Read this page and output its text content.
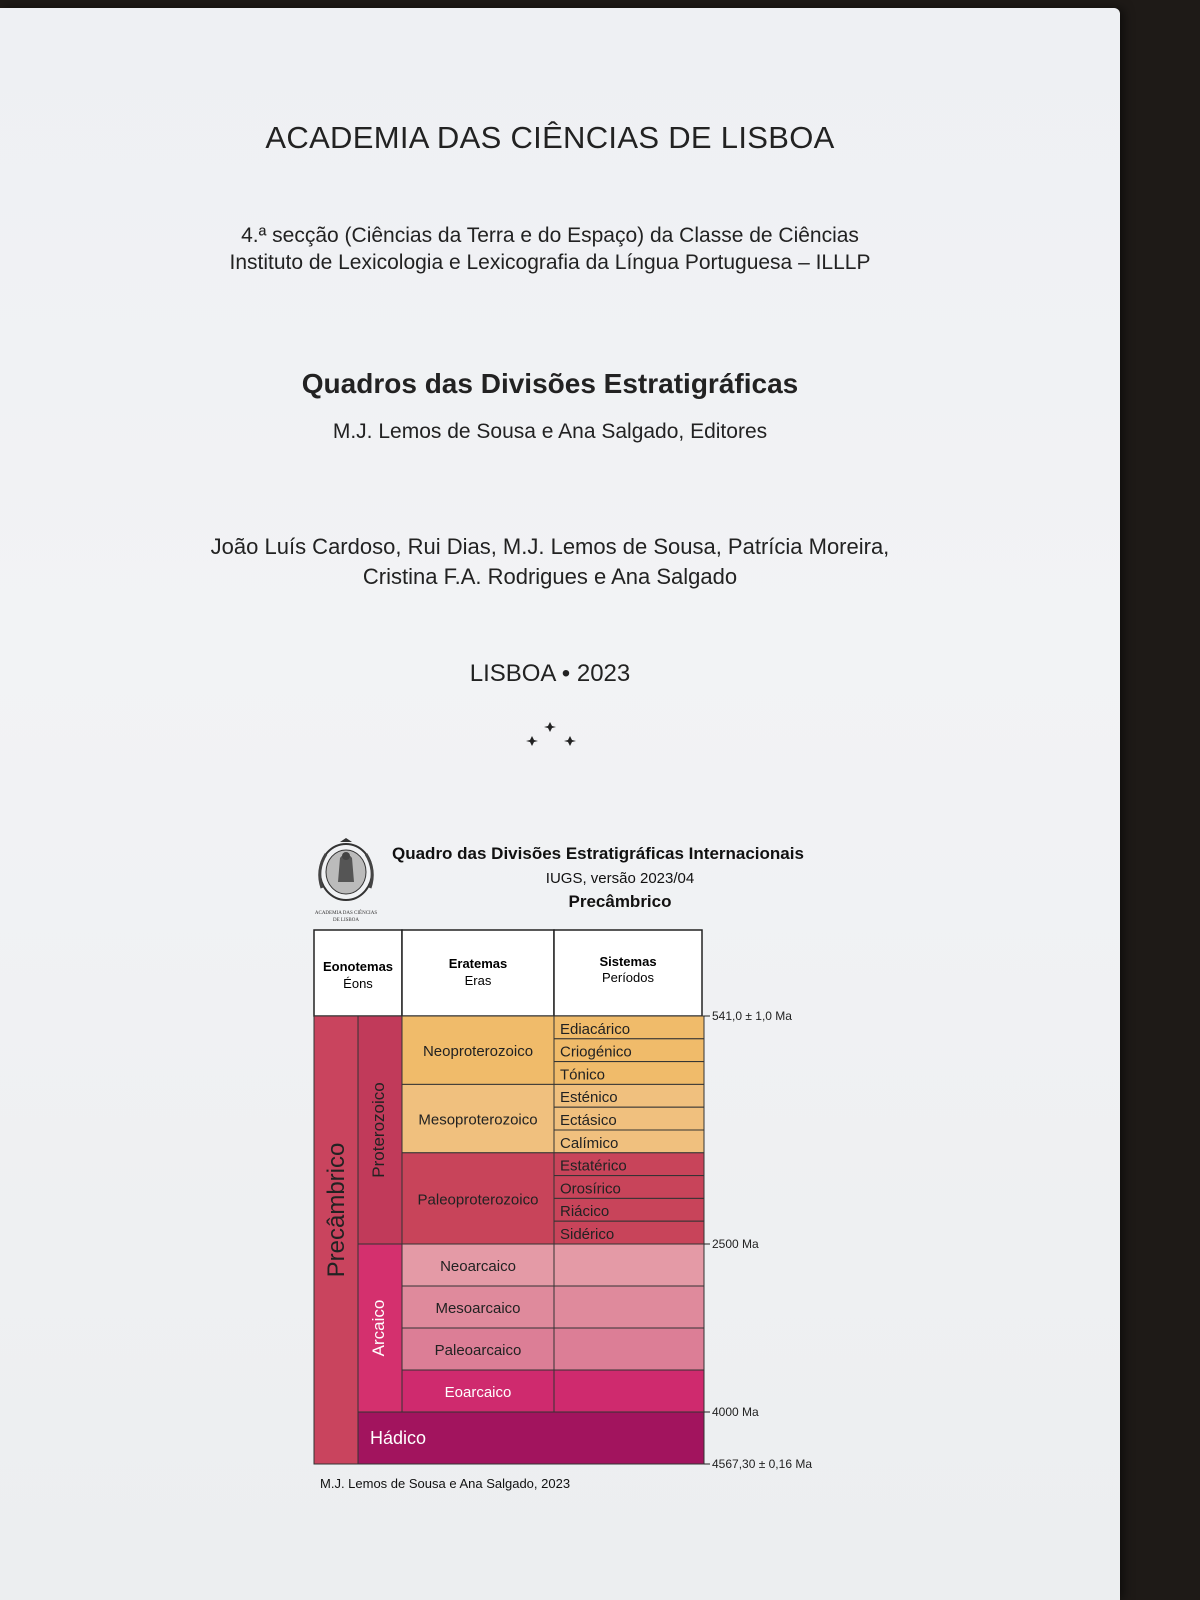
ACADEMIA DAS CIÊNCIAS DE LISBOA
4.ª secção (Ciências da Terra e do Espaço) da Classe de Ciências
Instituto de Lexicologia e Lexicografia da Língua Portuguesa – ILLLP
Quadros das Divisões Estratigráficas
M.J. Lemos de Sousa e Ana Salgado, Editores
João Luís Cardoso, Rui Dias, M.J. Lemos de Sousa, Patrícia Moreira,
Cristina F.A. Rodrigues e Ana Salgado
LISBOA • 2023
ACADEMIA DAS CIÊNCIAS
DE LISBOA
Quadro das Divisões Estratigráficas Internacionais
IUGS, versão 2023/04
Precâmbrico
Eonotemas
Éons
Eratemas
Eras
Sistemas
Períodos
Precâmbrico
Proterozoico
Arcaico
Ediacárico
Criogénico
Tónico
Esténico
Ectásico
Calímico
Estatérico
Orosírico
Riácico
Sidérico
Neoproterozoico
Mesoproterozoico
Paleoproterozoico
Neoarcaico
Mesoarcaico
Paleoarcaico
Eoarcaico
Hádico
541,0 ± 1,0 Ma
2500 Ma
4000 Ma
4567,30 ± 0,16 Ma
M.J. Lemos de Sousa e Ana Salgado, 2023
